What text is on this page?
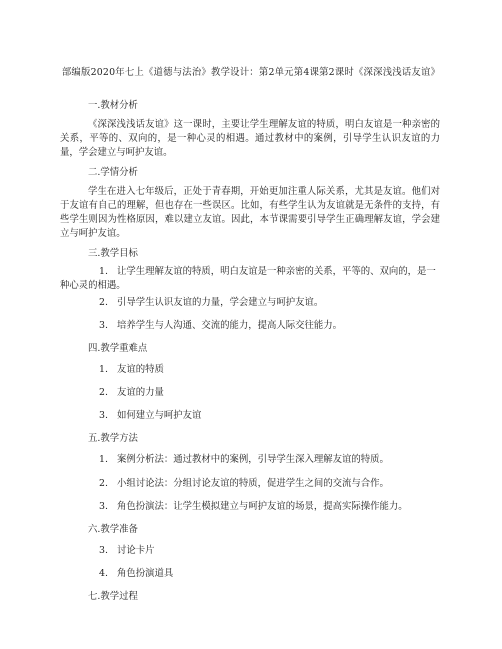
部编版2020年七上《道德与法治》教学设计：第2单元第4课第2课时《深深浅浅话友谊》
一.教材分析
《深深浅浅话友谊》这一课时，主要让学生理解友谊的特质，明白友谊是一种亲密的关系，平等的、双向的，是一种心灵的相遇。通过教材中的案例，引导学生认识友谊的力量，学会建立与呵护友谊。
二.学情分析
学生在进入七年级后，正处于青春期，开始更加注重人际关系，尤其是友谊。他们对于友谊有自己的理解，但也存在一些误区。比如，有些学生认为友谊就是无条件的支持，有些学生则因为性格原因，难以建立友谊。因此，本节课需要引导学生正确理解友谊，学会建立与呵护友谊。
三.教学目标
1. 让学生理解友谊的特质，明白友谊是一种亲密的关系，平等的、双向的，是一种心灵的相遇。
2. 引导学生认识友谊的力量，学会建立与呵护友谊。
3. 培养学生与人沟通、交流的能力，提高人际交往能力。
四.教学重难点
1. 友谊的特质
2. 友谊的力量
3. 如何建立与呵护友谊
五.教学方法
1. 案例分析法：通过教材中的案例，引导学生深入理解友谊的特质。
2. 小组讨论法：分组讨论友谊的特质，促进学生之间的交流与合作。
3. 角色扮演法：让学生模拟建立与呵护友谊的场景，提高实际操作能力。
六.教学准备
3. 讨论卡片
4. 角色扮演道具
七.教学过程
